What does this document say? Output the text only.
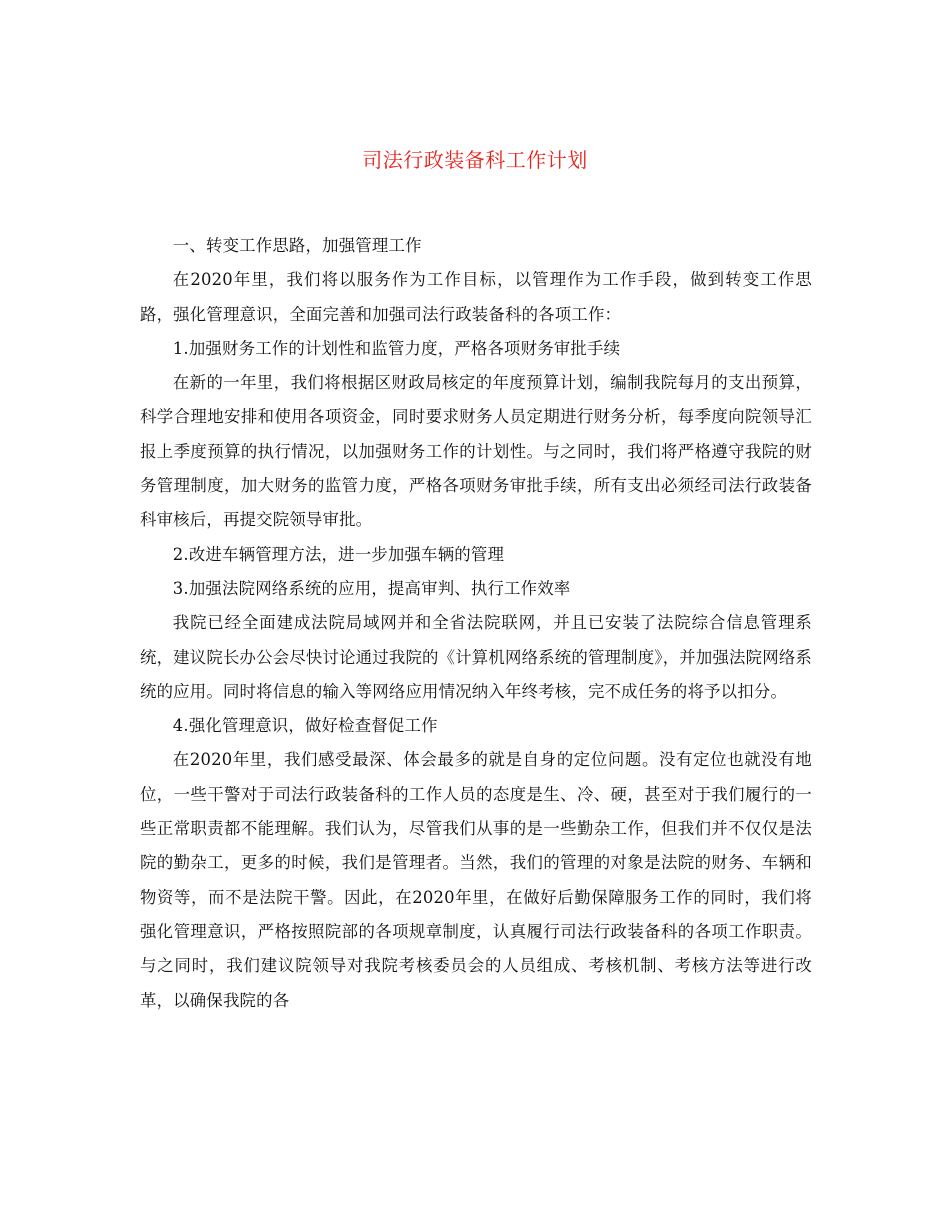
司法行政装备科工作计划

一、转变工作思路，加强管理工作

在2020年里，我们将以服务作为工作目标，以管理作为工作手段，做到转变工作思路，强化管理意识，全面完善和加强司法行政装备科的各项工作：

1.加强财务工作的计划性和监管力度，严格各项财务审批手续

在新的一年里，我们将根据区财政局核定的年度预算计划，编制我院每月的支出预算，科学合理地安排和使用各项资金，同时要求财务人员定期进行财务分析，每季度向院领导汇报上季度预算的执行情况，以加强财务工作的计划性。与之同时，我们将严格遵守我院的财务管理制度，加大财务的监管力度，严格各项财务审批手续，所有支出必须经司法行政装备科审核后，再提交院领导审批。

2.改进车辆管理方法，进一步加强车辆的管理

3.加强法院网络系统的应用，提高审判、执行工作效率

我院已经全面建成法院局域网并和全省法院联网，并且已安装了法院综合信息管理系统，建议院长办公会尽快讨论通过我院的《计算机网络系统的管理制度》，并加强法院网络系统的应用。同时将信息的输入等网络应用情况纳入年终考核，完不成任务的将予以扣分。

4.强化管理意识，做好检查督促工作

在2020年里，我们感受最深、体会最多的就是自身的定位问题。没有定位也就没有地位，一些干警对于司法行政装备科的工作人员的态度是生、冷、硬，甚至对于我们履行的一些正常职责都不能理解。我们认为，尽管我们从事的是一些勤杂工作，但我们并不仅仅是法院的勤杂工，更多的时候，我们是管理者。当然，我们的管理的对象是法院的财务、车辆和物资等，而不是法院干警。因此，在2020年里，在做好后勤保障服务工作的同时，我们将强化管理意识，严格按照院部的各项规章制度，认真履行司法行政装备科的各项工作职责。与之同时，我们建议院领导对我院考核委员会的人员组成、考核机制、考核方法等进行改革，以确保我院的各
